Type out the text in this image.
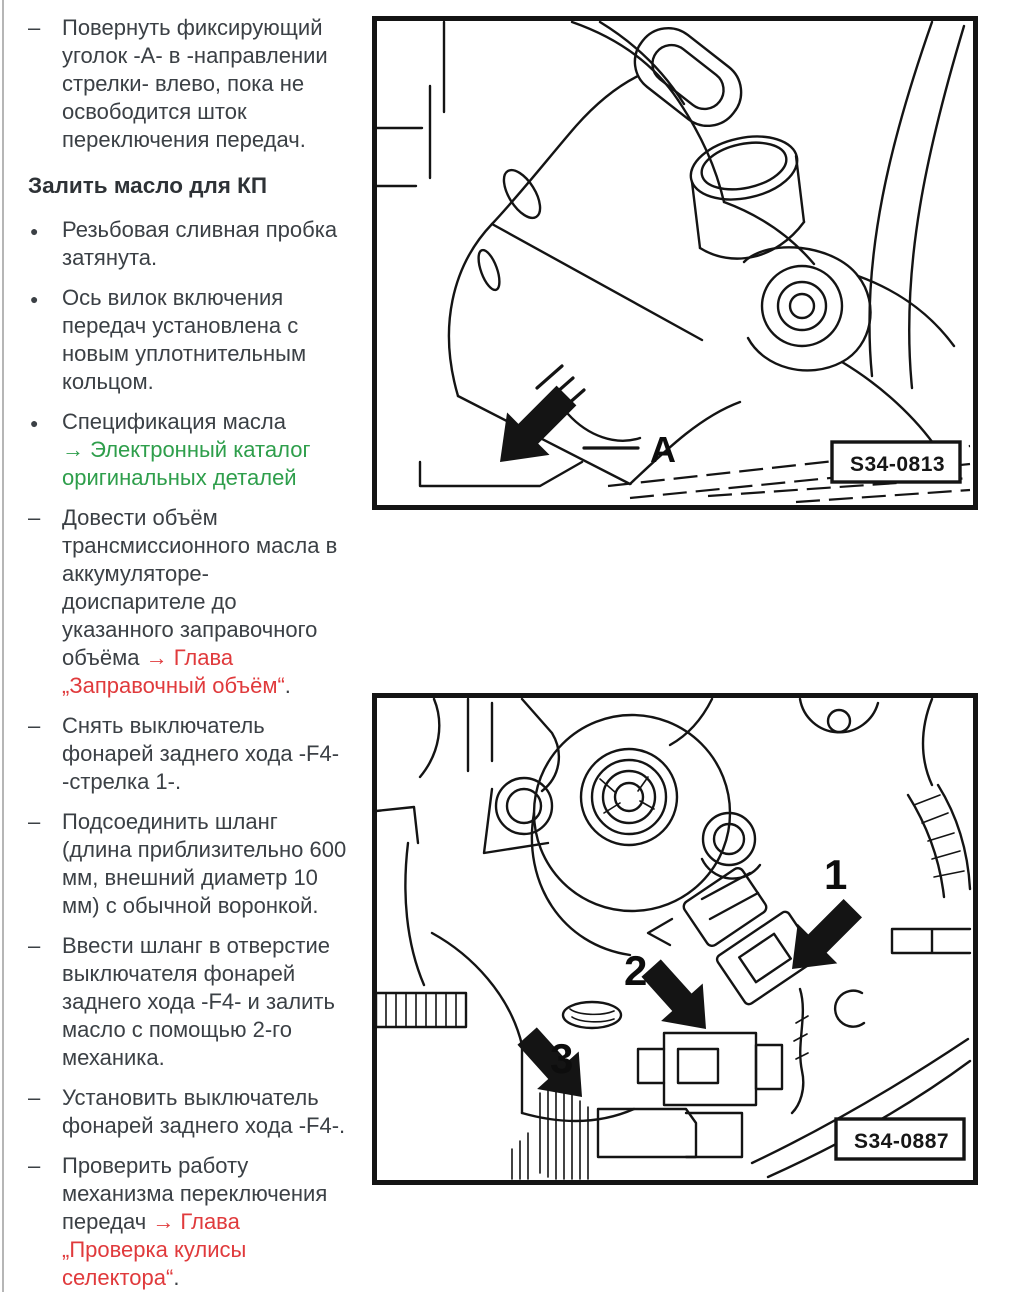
– Повернуть фиксирующий уголок -A- в -направлении стрелки- влево, пока не освободится шток переключения передач.
Залить масло для КП
●	Резьбовая сливная пробка затянута.
●	Ось вилок включения передач установлена с новым уплотнительным кольцом.
●	Спецификация масла
→ Электронный каталог оригинальных деталей
– Довести объём трансмиссионного масла в аккумуляторе-доиспарителе до указанного заправочного объёма → Глава „Заправочный объём“.
– Снять выключатель фонарей заднего хода -F4- -стрелка 1-.
– Подсоединить шланг (длина приблизительно 600 мм, внешний диаметр 10 мм) с обычной воронкой.
– Ввести шланг в отверстие выключателя фонарей заднего хода -F4- и залить масло с помощью 2-го механика.
– Установить выключатель фонарей заднего хода -F4-.
– Проверить работу механизма переключения передач → Глава „Проверка кулисы селектора“.
A	S34-0813
1
2
3
S34-0887
